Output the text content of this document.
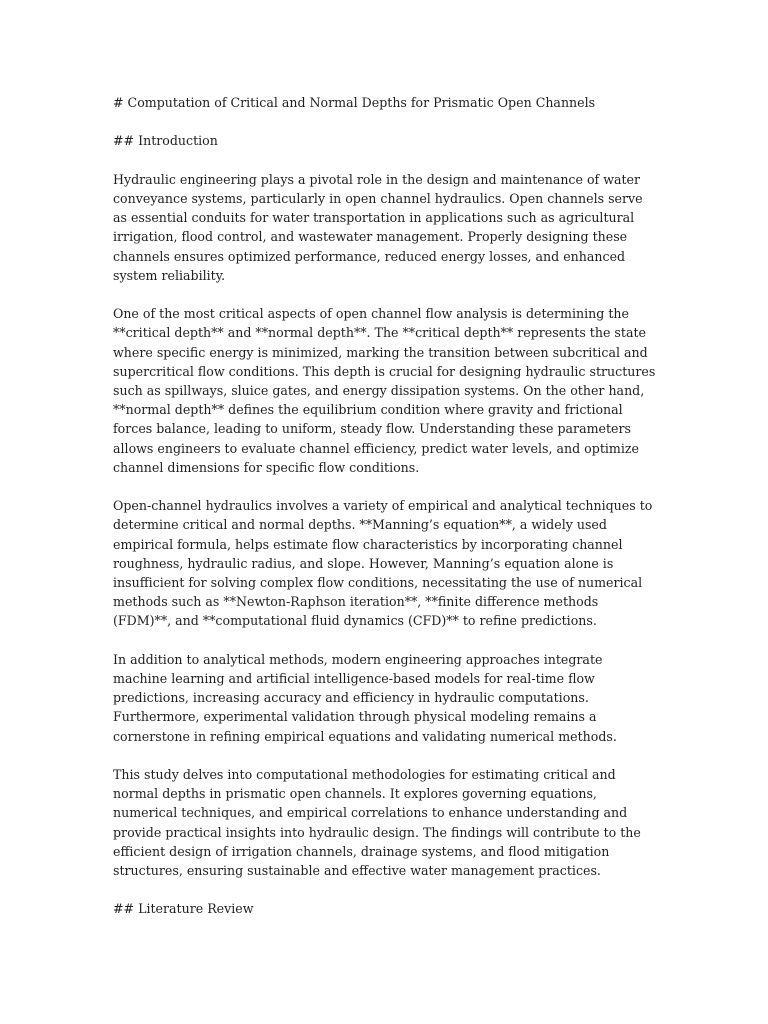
# Computation of Critical and Normal Depths for Prismatic Open Channels

## Introduction

Hydraulic engineering plays a pivotal role in the design and maintenance of water conveyance systems, particularly in open channel hydraulics. Open channels serve as essential conduits for water transportation in applications such as agricultural irrigation, flood control, and wastewater management. Properly designing these channels ensures optimized performance, reduced energy losses, and enhanced system reliability.

One of the most critical aspects of open channel flow analysis is determining the **critical depth** and **normal depth**. The **critical depth** represents the state where specific energy is minimized, marking the transition between subcritical and supercritical flow conditions. This depth is crucial for designing hydraulic structures such as spillways, sluice gates, and energy dissipation systems. On the other hand, **normal depth** defines the equilibrium condition where gravity and frictional forces balance, leading to uniform, steady flow. Understanding these parameters allows engineers to evaluate channel efficiency, predict water levels, and optimize channel dimensions for specific flow conditions.

Open-channel hydraulics involves a variety of empirical and analytical techniques to determine critical and normal depths. **Manning’s equation**, a widely used empirical formula, helps estimate flow characteristics by incorporating channel roughness, hydraulic radius, and slope. However, Manning’s equation alone is insufficient for solving complex flow conditions, necessitating the use of numerical methods such as **Newton-Raphson iteration**, **finite difference methods (FDM)**, and **computational fluid dynamics (CFD)** to refine predictions.

In addition to analytical methods, modern engineering approaches integrate machine learning and artificial intelligence-based models for real-time flow predictions, increasing accuracy and efficiency in hydraulic computations. Furthermore, experimental validation through physical modeling remains a cornerstone in refining empirical equations and validating numerical methods.

This study delves into computational methodologies for estimating critical and normal depths in prismatic open channels. It explores governing equations, numerical techniques, and empirical correlations to enhance understanding and provide practical insights into hydraulic design. The findings will contribute to the efficient design of irrigation channels, drainage systems, and flood mitigation structures, ensuring sustainable and effective water management practices.

## Literature Review
